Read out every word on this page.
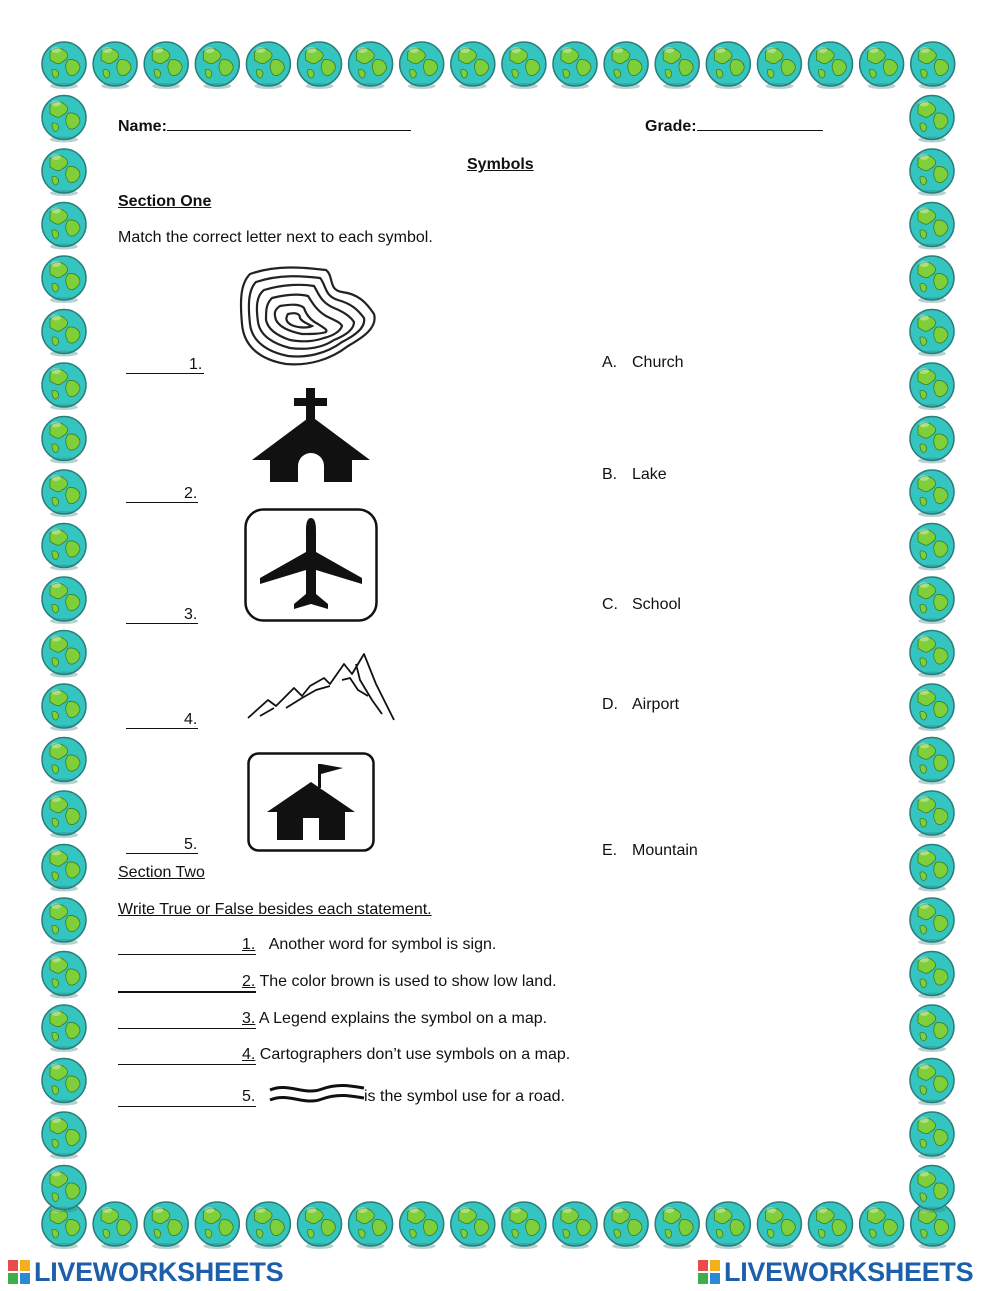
Name:	Grade:
Symbols
Section One
Match the correct letter next to each symbol.
1.
2.
3.
4.
5.
A. Church
B. Lake
C. School
D. Airport
E. Mountain
Section Two
Write True or False besides each statement.
1. Another word for symbol is sign.
2. The color brown is used to show low land.
3. A Legend explains the symbol on a map.
4. Cartographers don’t use symbols on a map.
5.	is the symbol use for a road.
LIVEWORKSHEETS	LIVEWORKSHEETS
